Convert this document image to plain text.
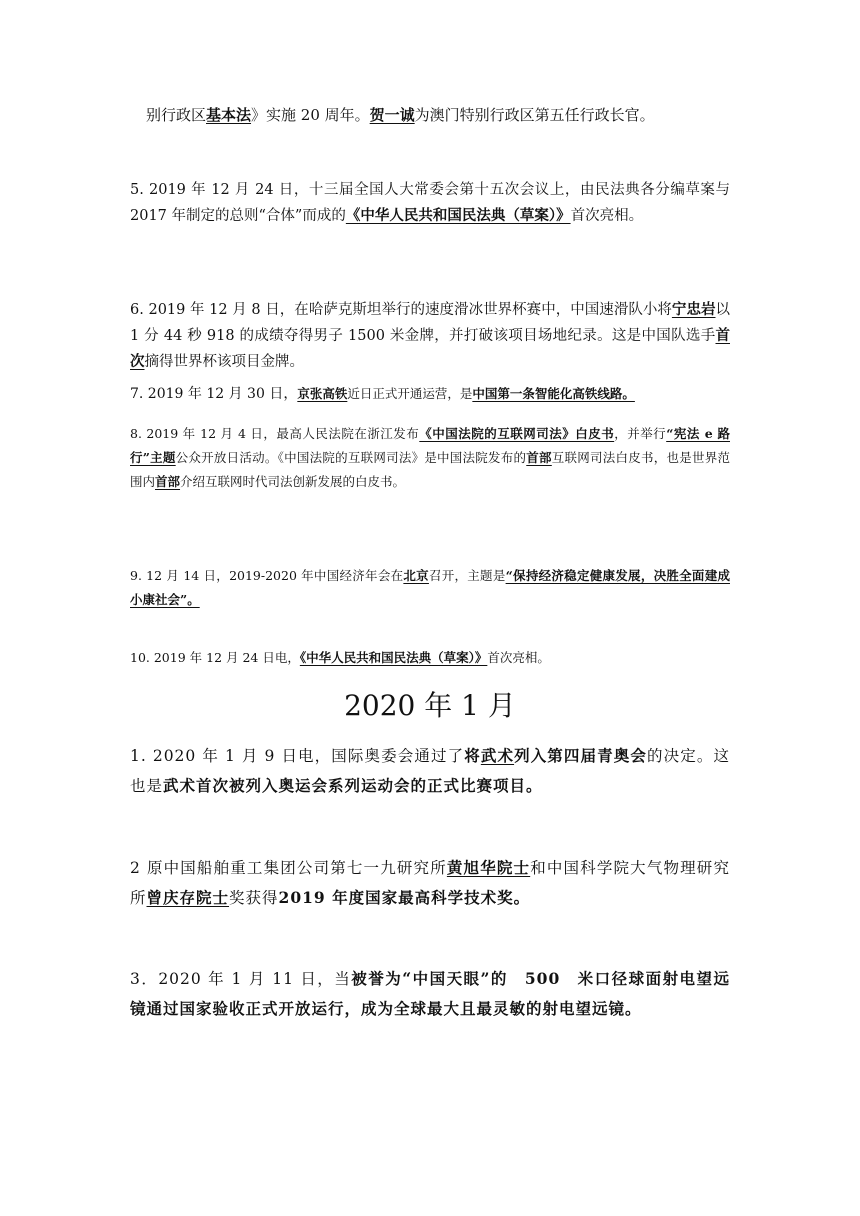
别行政区基本法》实施 20 周年。贺一诚为澳门特别行政区第五任行政长官。
5. 2019 年 12 月 24 日，十三届全国人大常委会第十五次会议上，由民法典各分编草案与 2017 年制定的总则“合体”而成的《中华人民共和国民法典（草案）》首次亮相。
6. 2019 年 12 月 8 日，在哈萨克斯坦举行的速度滑冰世界杯赛中，中国速滑队小将宁忠岩以 1 分 44 秒 918 的成绩夺得男子 1500 米金牌，并打破该项目场地纪录。这是中国队选手首次摘得世界杯该项目金牌。
7. 2019 年 12 月 30 日，京张高铁近日正式开通运营，是中国第一条智能化高铁线路。
8. 2019 年 12 月 4 日，最高人民法院在浙江发布《中国法院的互联网司法》白皮书，并举行“宪法 e 路行”主题公众开放日活动。《中国法院的互联网司法》是中国法院发布的首部互联网司法白皮书，也是世界范围内首部介绍互联网时代司法创新发展的白皮书。
9. 12 月 14 日，2019-2020 年中国经济年会在北京召开，主题是“保持经济稳定健康发展，决胜全面建成小康社会”。
10. 2019 年 12 月 24 日电，《中华人民共和国民法典（草案）》首次亮相。
2020 年 1 月
1. 2020 年 1 月 9 日电，国际奥委会通过了将武术列入第四届青奥会的决定。这也是武术首次被列入奥运会系列运动会的正式比赛项目。
2 原中国船舶重工集团公司第七一九研究所黄旭华院士和中国科学院大气物理研究所曾庆存院士奖获得2019 年度国家最高科学技术奖。
3．2020 年 1 月 11 日，当被誉为“中国天眼”的　500　米口径球面射电望远镜通过国家验收正式开放运行，成为全球最大且最灵敏的射电望远镜。
